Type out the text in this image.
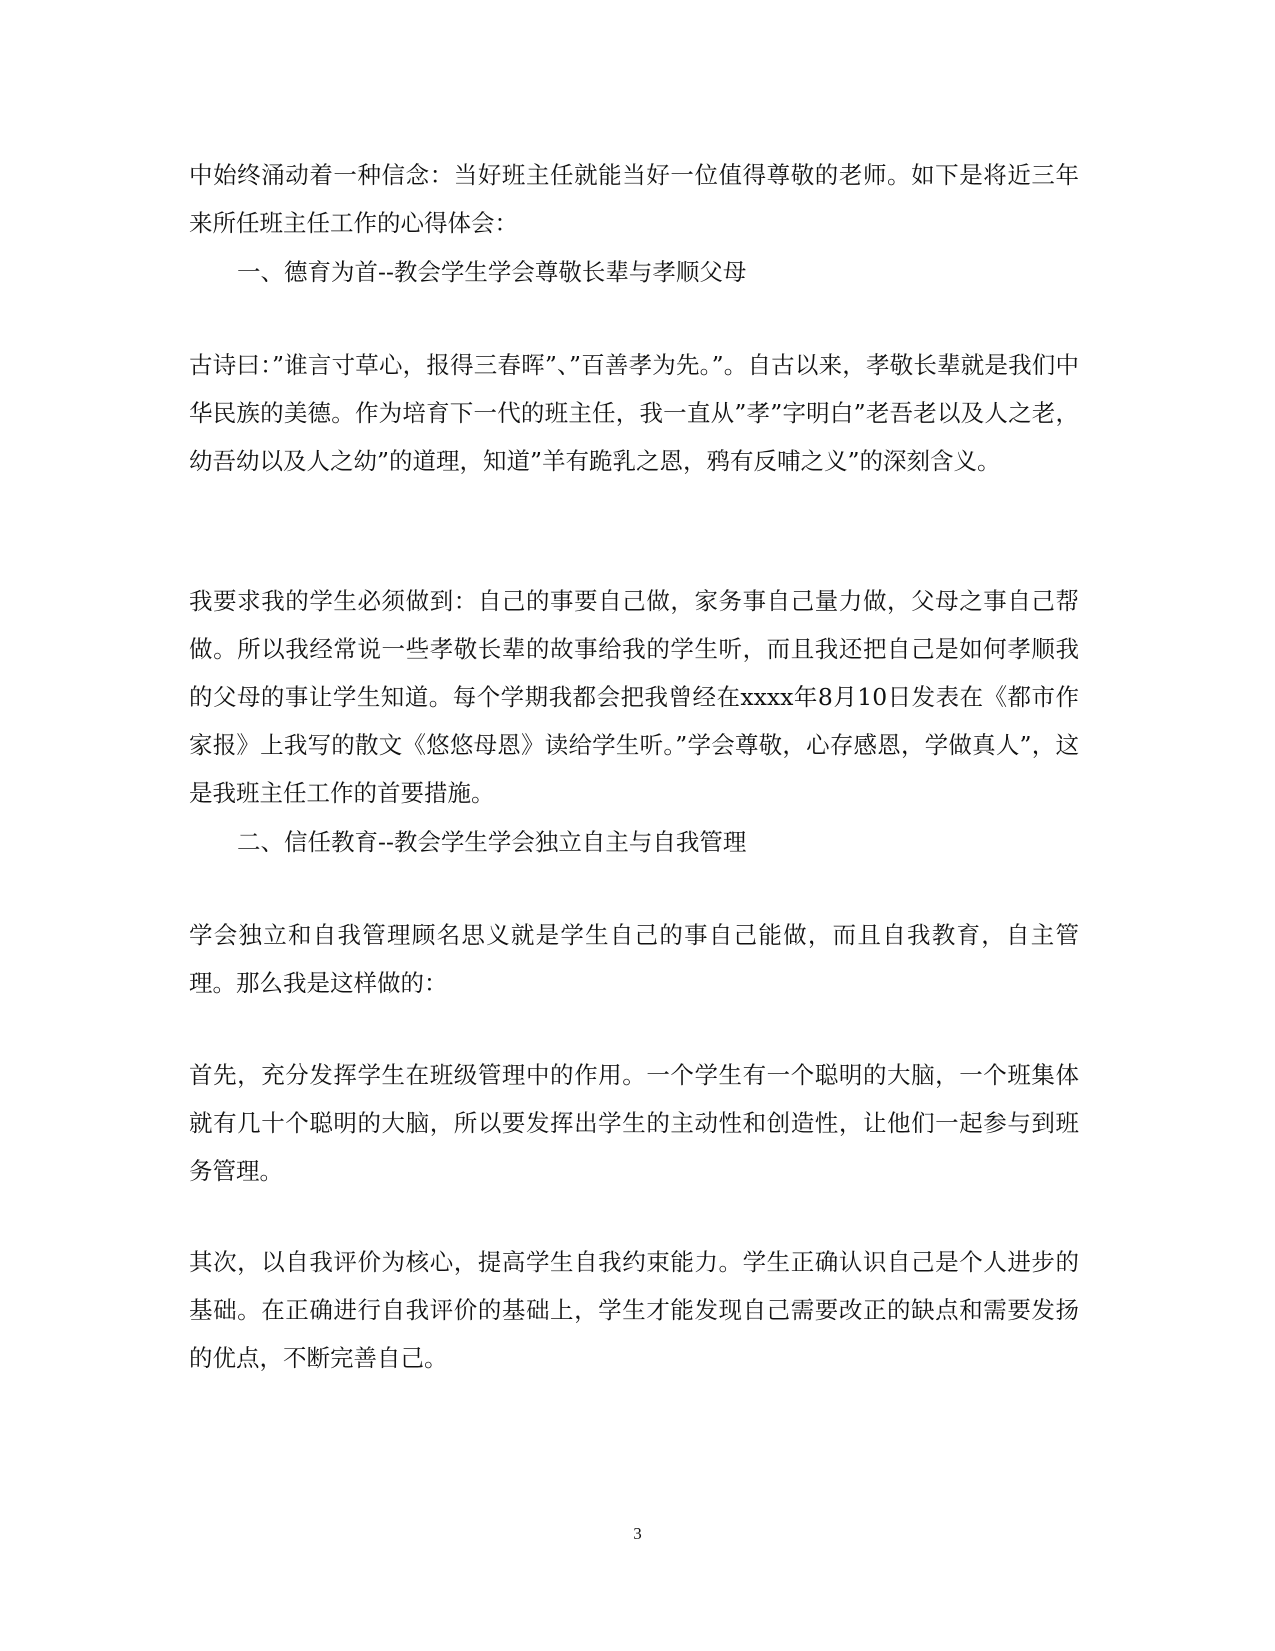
中始终涌动着一种信念：当好班主任就能当好一位值得尊敬的老师。如下是将近三年来所任班主任工作的心得体会：

一、德育为首--教会学生学会尊敬长辈与孝顺父母

古诗曰：”谁言寸草心，报得三春晖”、”百善孝为先。”。自古以来，孝敬长辈就是我们中华民族的美德。作为培育下一代的班主任，我一直从”孝”字明白”老吾老以及人之老，幼吾幼以及人之幼”的道理，知道”羊有跪乳之恩，鸦有反哺之义”的深刻含义。

我要求我的学生必须做到：自己的事要自己做，家务事自己量力做，父母之事自己帮做。所以我经常说一些孝敬长辈的故事给我的学生听，而且我还把自己是如何孝顺我的父母的事让学生知道。每个学期我都会把我曾经在xxxx年8月10日发表在《都市作家报》上我写的散文《悠悠母恩》读给学生听。”学会尊敬，心存感恩，学做真人”，这是我班主任工作的首要措施。

二、信任教育--教会学生学会独立自主与自我管理

学会独立和自我管理顾名思义就是学生自己的事自己能做，而且自我教育，自主管理。那么我是这样做的：

首先，充分发挥学生在班级管理中的作用。一个学生有一个聪明的大脑，一个班集体就有几十个聪明的大脑，所以要发挥出学生的主动性和创造性，让他们一起参与到班务管理。

其次，以自我评价为核心，提高学生自我约束能力。学生正确认识自己是个人进步的基础。在正确进行自我评价的基础上，学生才能发现自己需要改正的缺点和需要发扬的优点，不断完善自己。

3
